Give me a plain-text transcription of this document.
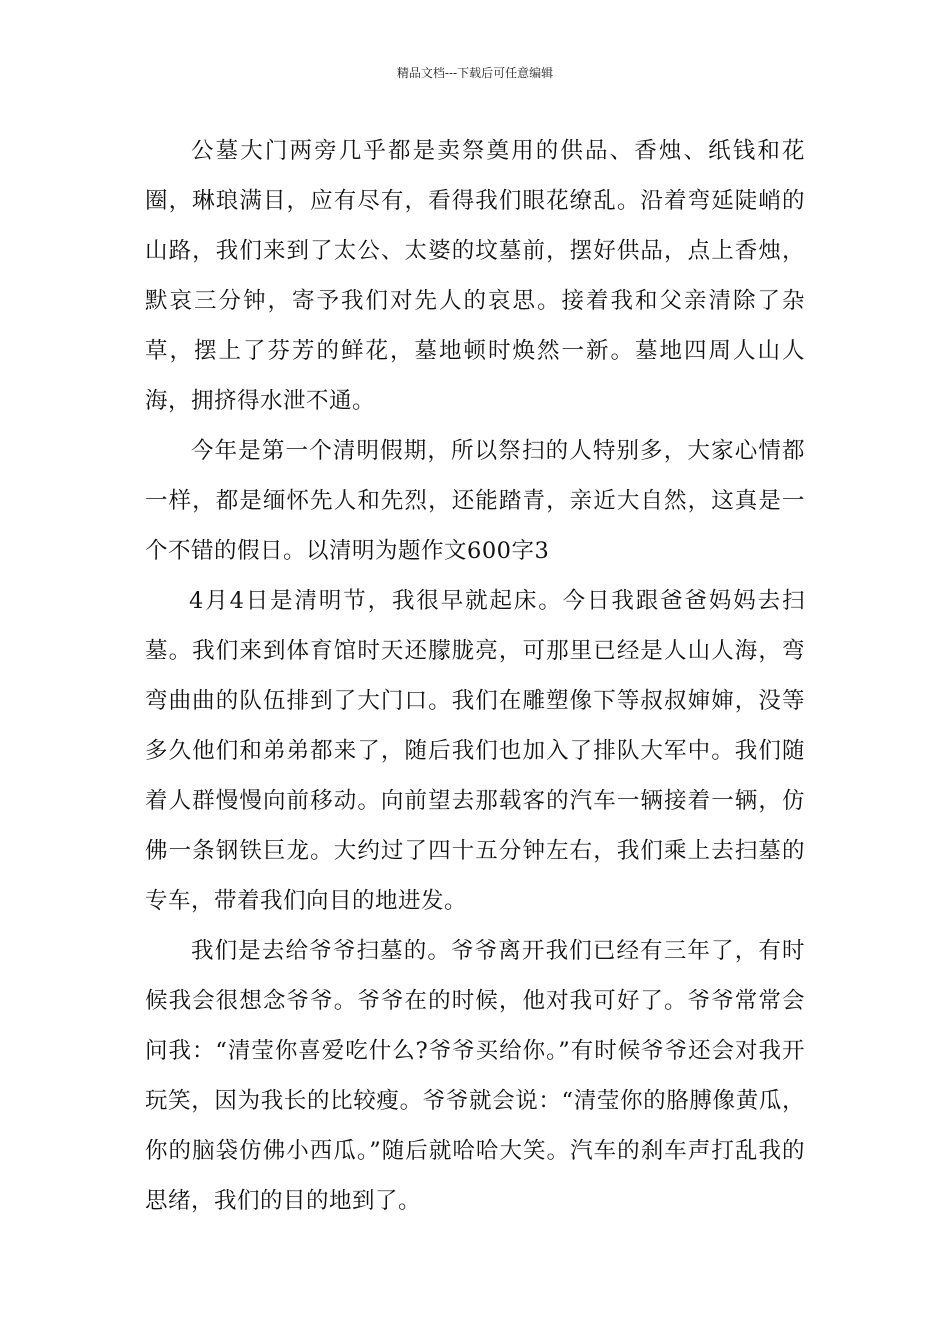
精品文档---下载后可任意编辑

公墓大门两旁几乎都是卖祭奠用的供品、香烛、纸钱和花圈，琳琅满目，应有尽有，看得我们眼花缭乱。沿着弯延陡峭的山路，我们来到了太公、太婆的坟墓前，摆好供品，点上香烛，默哀三分钟，寄予我们对先人的哀思。接着我和父亲清除了杂草，摆上了芬芳的鲜花，墓地顿时焕然一新。墓地四周人山人海，拥挤得水泄不通。

今年是第一个清明假期，所以祭扫的人特别多，大家心情都一样，都是缅怀先人和先烈，还能踏青，亲近大自然，这真是一个不错的假日。以清明为题作文600字3

4月4日是清明节，我很早就起床。今日我跟爸爸妈妈去扫墓。我们来到体育馆时天还朦胧亮，可那里已经是人山人海，弯弯曲曲的队伍排到了大门口。我们在雕塑像下等叔叔婶婶，没等多久他们和弟弟都来了，随后我们也加入了排队大军中。我们随着人群慢慢向前移动。向前望去那载客的汽车一辆接着一辆，仿佛一条钢铁巨龙。大约过了四十五分钟左右，我们乘上去扫墓的专车，带着我们向目的地进发。

我们是去给爷爷扫墓的。爷爷离开我们已经有三年了，有时候我会很想念爷爷。爷爷在的时候，他对我可好了。爷爷常常会问我：“清莹你喜爱吃什么?爷爷买给你。”有时候爷爷还会对我开玩笑，因为我长的比较瘦。爷爷就会说：“清莹你的胳膊像黄瓜，你的脑袋仿佛小西瓜。”随后就哈哈大笑。汽车的刹车声打乱我的思绪，我们的目的地到了。
